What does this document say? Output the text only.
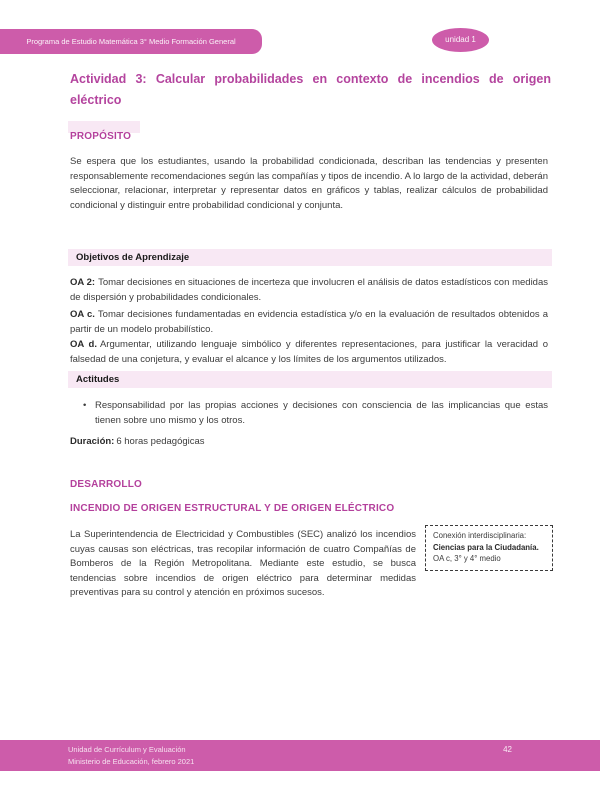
Programa de Estudio Matemática 3° Medio Formación General	unidad 1
Actividad 3: Calcular probabilidades en contexto de incendios de origen eléctrico
PROPÓSITO

Se espera que los estudiantes, usando la probabilidad condicionada, describan las tendencias y presenten responsablemente recomendaciones según las compañías y tipos de incendio. A lo largo de la actividad, deberán seleccionar, relacionar, interpretar y representar datos en gráficos y tablas, realizar cálculos de probabilidad condicional y distinguir entre probabilidad condicional y conjunta.

Objetivos de Aprendizaje

OA 2: Tomar decisiones en situaciones de incerteza que involucren el análisis de datos estadísticos con medidas de dispersión y probabilidades condicionales.

OA c. Tomar decisiones fundamentadas en evidencia estadística y/o en la evaluación de resultados obtenidos a partir de un modelo probabilístico.

OA d. Argumentar, utilizando lenguaje simbólico y diferentes representaciones, para justificar la veracidad o falsedad de una conjetura, y evaluar el alcance y los límites de los argumentos utilizados.

Actitudes
• Responsabilidad por las propias acciones y decisiones con consciencia de las implicancias que estas tienen sobre uno mismo y los otros.

Duración: 6 horas pedagógicas

DESARROLLO
INCENDIO DE ORIGEN ESTRUCTURAL Y DE ORIGEN ELÉCTRICO
Conexión interdisciplinaria:
Ciencias para la Ciudadanía.
OA c, 3° y 4° medio

La Superintendencia de Electricidad y Combustibles (SEC) analizó los incendios cuyas causas son eléctricas, tras recopilar información de cuatro Compañías de Bomberos de la Región Metropolitana. Mediante este estudio, se busca tendencias sobre incendios de origen eléctrico para determinar medidas preventivas para su control y atención en próximos sucesos.

Unidad de Currículum y Evaluación
Ministerio de Educación, febrero 2021
42
